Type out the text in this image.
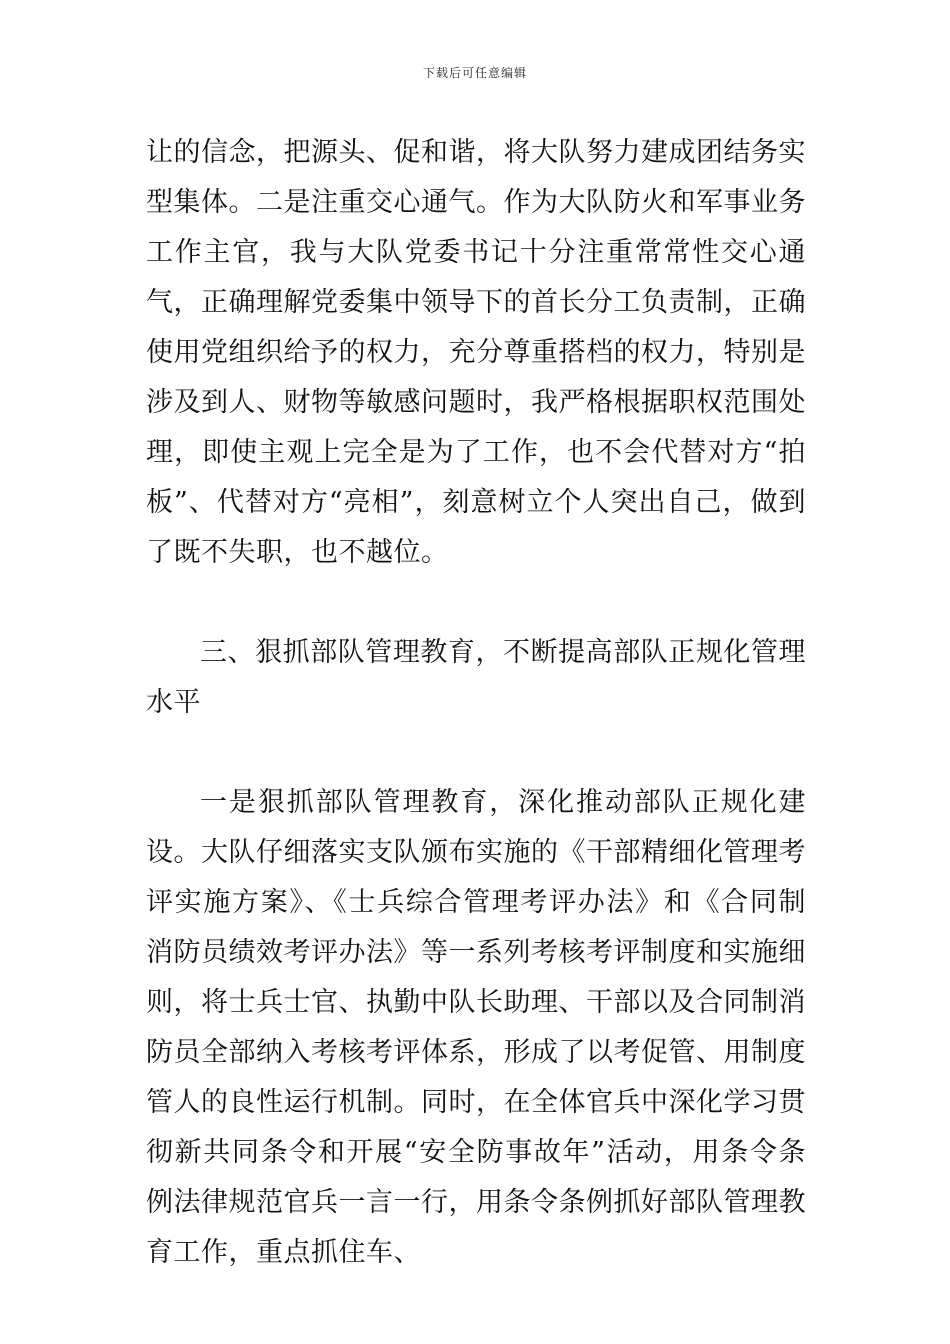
下载后可任意编辑

让的信念，把源头、促和谐，将大队努力建成团结务实型集体。二是注重交心通气。作为大队防火和军事业务工作主官，我与大队党委书记十分注重常常性交心通气，正确理解党委集中领导下的首长分工负责制，正确使用党组织给予的权力，充分尊重搭档的权力，特别是涉及到人、财物等敏感问题时，我严格根据职权范围处理，即使主观上完全是为了工作，也不会代替对方“拍板”、代替对方“亮相”，刻意树立个人突出自己，做到了既不失职，也不越位。

三、狠抓部队管理教育，不断提高部队正规化管理水平

一是狠抓部队管理教育，深化推动部队正规化建设。大队仔细落实支队颁布实施的《干部精细化管理考评实施方案》、《士兵综合管理考评办法》和《合同制消防员绩效考评办法》等一系列考核考评制度和实施细则，将士兵士官、执勤中队长助理、干部以及合同制消防员全部纳入考核考评体系，形成了以考促管、用制度管人的良性运行机制。同时，在全体官兵中深化学习贯彻新共同条令和开展“安全防事故年”活动，用条令条例法律规范官兵一言一行，用条令条例抓好部队管理教育工作，重点抓住车、
